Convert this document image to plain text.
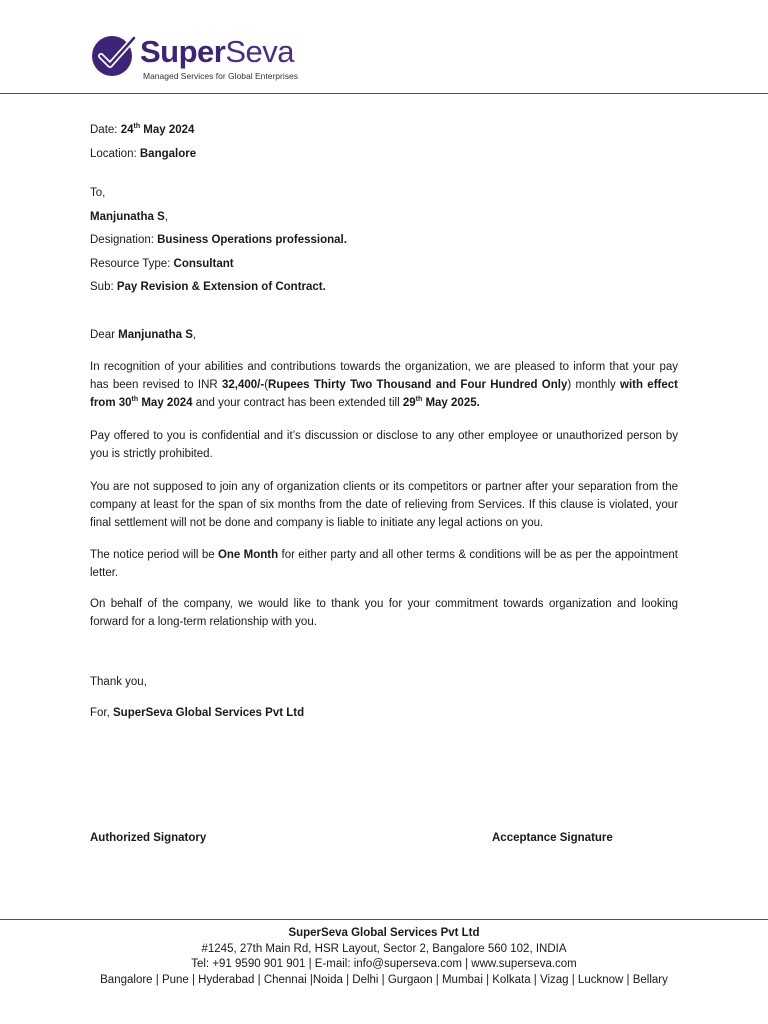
SuperSeva
Managed Services for Global Enterprises
Date: 24th May 2024
Location: Bangalore
To,
Manjunatha S,
Designation: Business Operations professional.
Resource Type: Consultant
Sub: Pay Revision & Extension of Contract.
Dear Manjunatha S,
In recognition of your abilities and contributions towards the organization, we are pleased to inform that your pay has been revised to INR 32,400/-(Rupees Thirty Two Thousand and Four Hundred Only) monthly with effect from 30th May 2024 and your contract has been extended till 29th May 2025.
Pay offered to you is confidential and it’s discussion or disclose to any other employee or unauthorized person by you is strictly prohibited.
You are not supposed to join any of organization clients or its competitors or partner after your separation from the company at least for the span of six months from the date of relieving from Services. If this clause is violated, your final settlement will not be done and company is liable to initiate any legal actions on you.
The notice period will be One Month for either party and all other terms & conditions will be as per the appointment letter.
On behalf of the company, we would like to thank you for your commitment towards organization and looking forward for a long-term relationship with you.
Thank you,
For, SuperSeva Global Services Pvt Ltd
Authorized Signatory	Acceptance Signature
SuperSeva Global Services Pvt Ltd
#1245, 27th Main Rd, HSR Layout, Sector 2, Bangalore 560 102, INDIA
Tel: +91 9590 901 901 | E-mail: info@superseva.com | www.superseva.com
Bangalore | Pune | Hyderabad | Chennai |Noida | Delhi | Gurgaon | Mumbai | Kolkata | Vizag | Lucknow | Bellary
